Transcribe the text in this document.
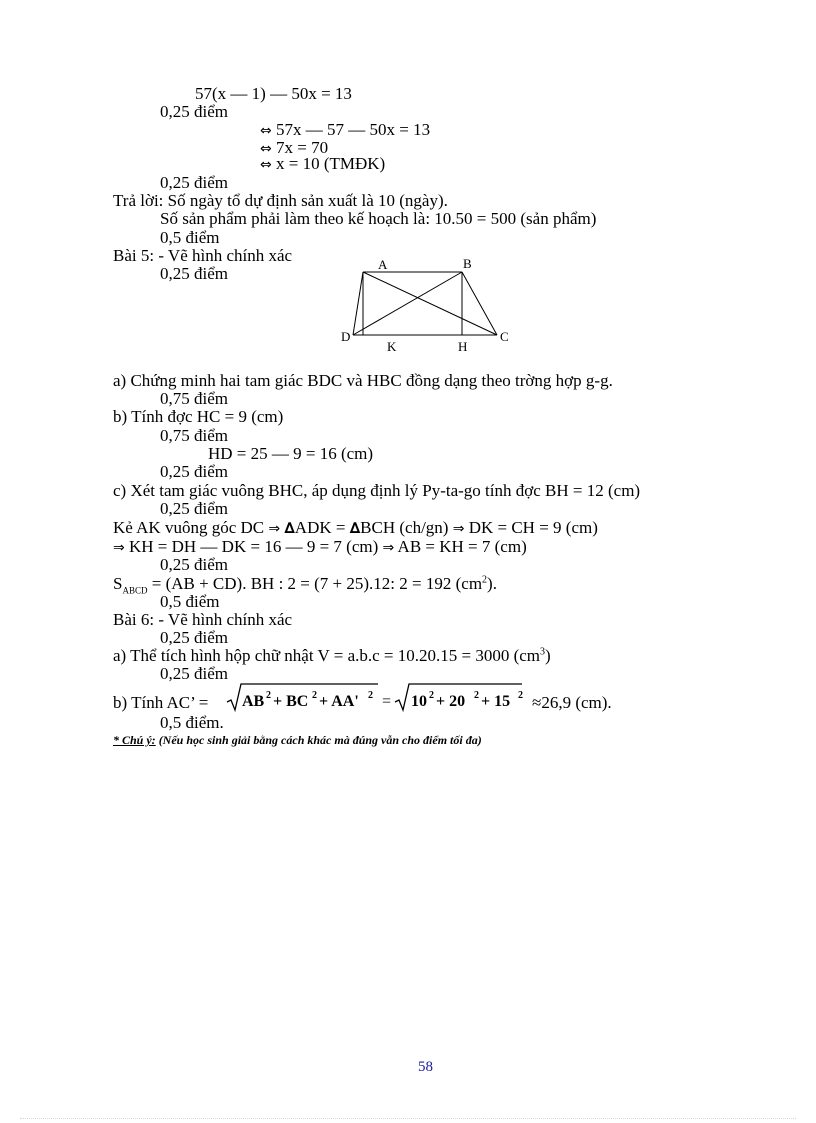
57(x — 1) — 50x = 13
0,25 điểm
⇔ 57x — 57 — 50x = 13
⇔ 7x = 70
⇔ x = 10 (TMĐK)
0,25 điểm
Trả lời: Số ngày tổ dự định sản xuất là 10 (ngày).
Số sản phẩm phải làm theo kế hoạch là: 10.50 = 500 (sản phẩm)
0,5 điểm
Bài 5: - Vẽ hình chính xác
0,25 điểm	A	B
C
D
K	H
a) Chứng minh hai tam giác BDC và HBC đồng dạng theo trờng hợp g-g.
0,75 điểm
b) Tính đợc HC = 9 (cm)
0,75 điểm
HD = 25 — 9 = 16 (cm)
0,25 điểm
c) Xét tam giác vuông BHC, áp dụng định lý Py-ta-go tính đợc BH = 12 (cm)
0,25 điểm
Kẻ AK vuông góc DC ⇒ ∆ADK = ∆BCH (ch/gn) ⇒ DK = CH = 9 (cm)
⇒ KH = DH — DK = 16 — 9 = 7 (cm) ⇒ AB = KH = 7 (cm)
0,25 điểm
$S_{ABCD} = (AB + CD)$. BH : 2 = (7 + 25).12: 2 = 192 $(cm^2)$.
0,5 điểm
Bài 6: - Vẽ hình chính xác
0,25 điểm
a) Thể tích hình hộp chữ nhật V = a.b.c = 10.20.15 = 3000 $(cm^3)$
0,25 điểm
b) Tính AC’ = AB 2 + BC 2 + AA' 2 = 10 2 + 20 2 + 15 2 ≈26,9 (cm).
0,5 điểm.
* Chú ý: (Nếu học sinh giải bằng cách khác mà đúng vẫn cho điểm tối đa)
58
